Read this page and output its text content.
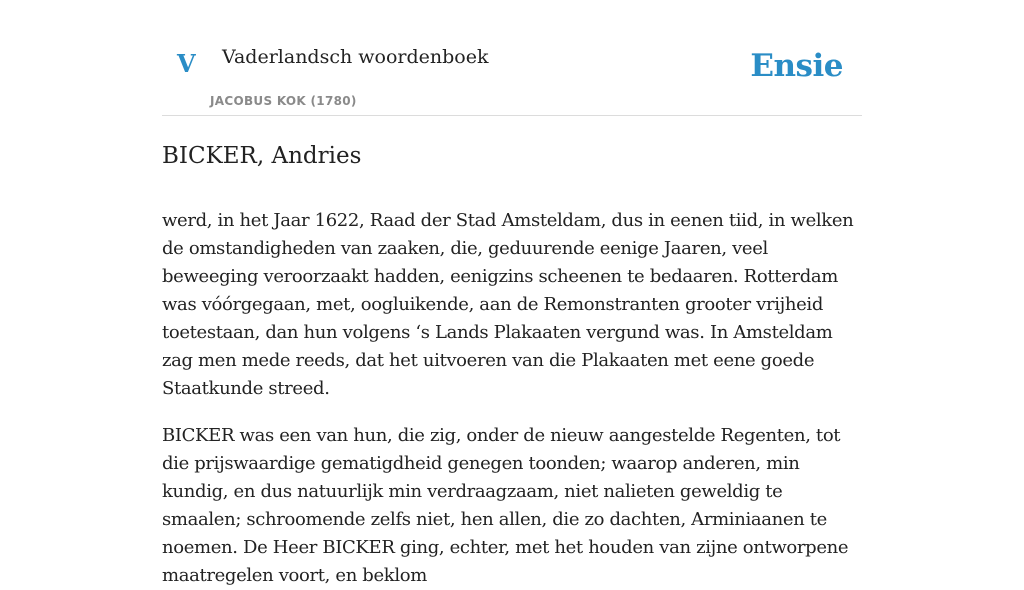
V Vaderlandsch woordenboek
JACOBUS KOK (1780)
Ensie
BICKER, Andries

werd, in het Jaar 1622, Raad der Stad Amsteldam, dus in eenen tiid, in welken de omstandigheden van zaaken, die, geduurende eenige Jaaren, veel beweeging veroorzaakt hadden, eenigzins scheenen te bedaaren. Rotterdam was vóórgegaan, met, oogluikende, aan de Remonstranten grooter vrijheid toetestaan, dan hun volgens ‘s Lands Plakaaten vergund was. In Amsteldam zag men mede reeds, dat het uitvoeren van die Plakaaten met eene goede Staatkunde streed.

BICKER was een van hun, die zig, onder de nieuw aangestelde Regenten, tot die prijswaardige gematigdheid genegen toonden; waarop anderen, min kundig, en dus natuurlijk min verdraagzaam, niet nalieten geweldig te smaalen; schroomende zelfs niet, hen allen, die zo dachten, Arminiaanen te noemen. De Heer BICKER ging, echter, met het houden van zijne ontworpene maatregelen voort, en beklom
